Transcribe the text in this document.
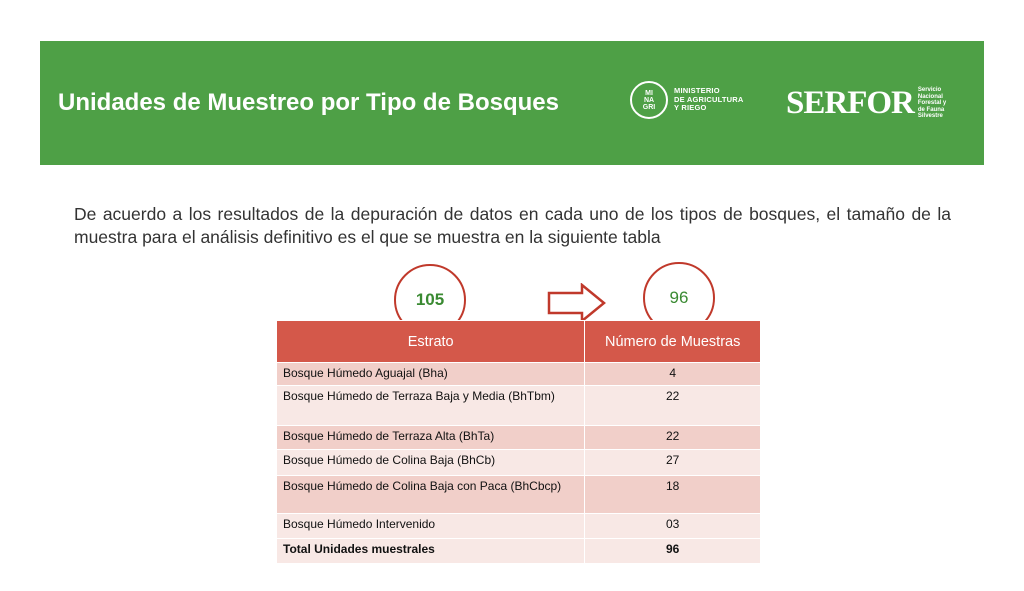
Unidades de Muestreo por Tipo de Bosques	MI
NA
GRI
MINISTERIO
DE AGRICULTURA
Y RIEGO	SERFOR Servicio
Nacional
Forestal y
de Fauna
Silvestre
De acuerdo a los resultados de la depuración de datos en cada uno de los tipos de bosques, el tamaño de la muestra para el análisis definitivo es el que se muestra en la siguiente tabla
105	96
Estrato	Número de Muestras
Bosque Húmedo Aguajal (Bha)	4
Bosque Húmedo de Terraza Baja y Media (BhTbm)	22
Bosque Húmedo de Terraza Alta (BhTa)	22
Bosque Húmedo de Colina Baja (BhCb)	27
Bosque Húmedo de Colina Baja con Paca (BhCbcp)	18
Bosque Húmedo Intervenido	03
Total Unidades muestrales	96
